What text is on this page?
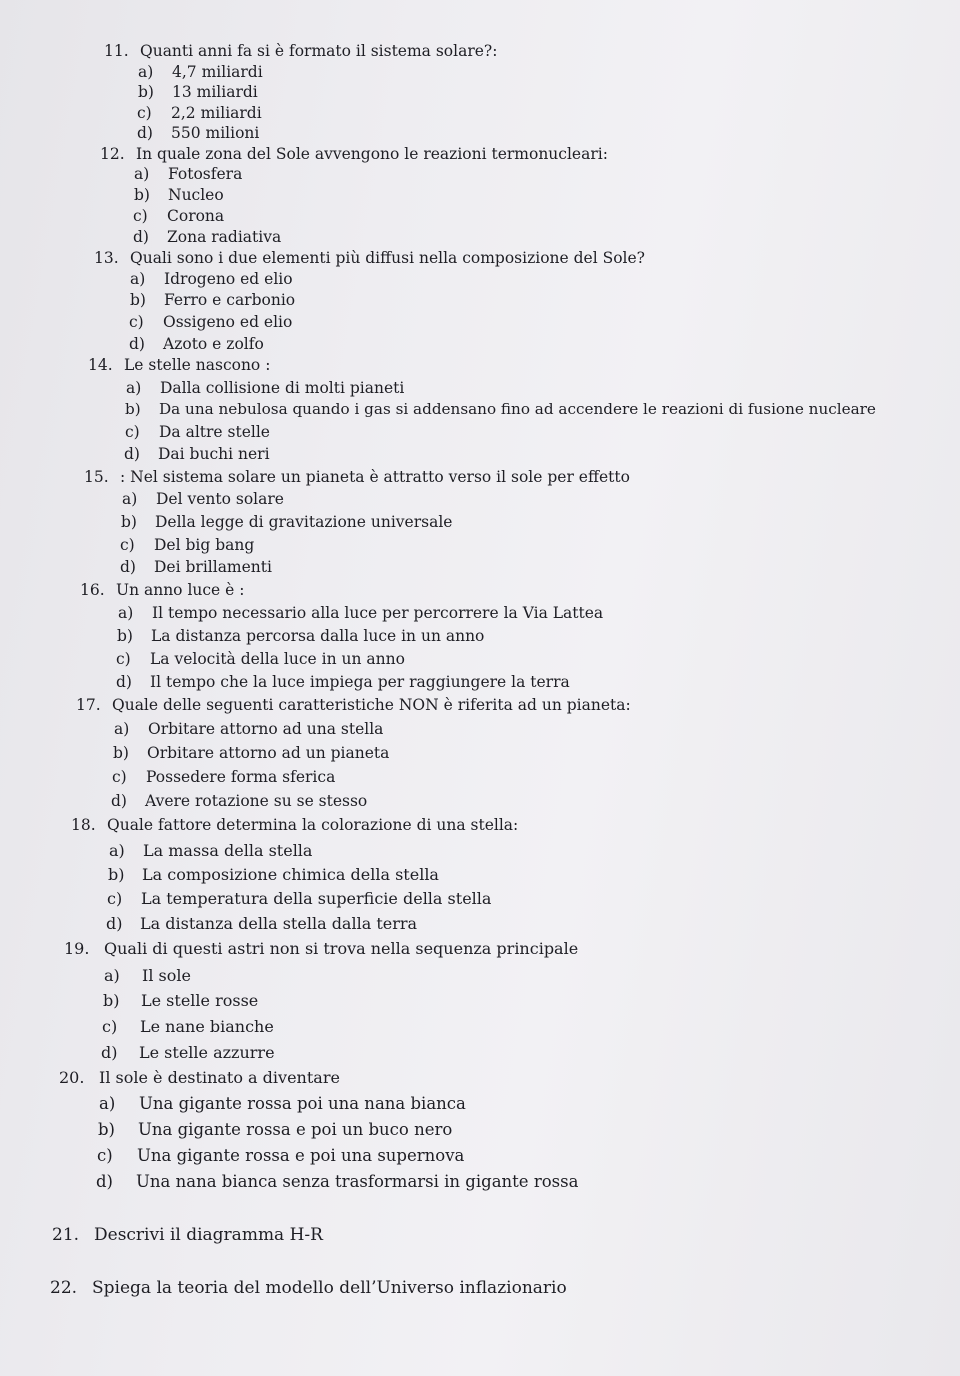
11. Quanti anni fa si è formato il sistema solare?:
a) 4,7 miliardi
b) 13 miliardi
c) 2,2 miliardi
d) 550 milioni
12. In quale zona del Sole avvengono le reazioni termonucleari:
a) Fotosfera
b) Nucleo
c) Corona
d) Zona radiativa
13. Quali sono i due elementi più diffusi nella composizione del Sole?
a) Idrogeno ed elio
b) Ferro e carbonio
c) Ossigeno ed elio
d) Azoto e zolfo
14. Le stelle nascono :
a) Dalla collisione di molti pianeti
b) Da una nebulosa quando i gas si addensano fino ad accendere le reazioni di fusione nucleare
c) Da altre stelle
d) Dai buchi neri
15. : Nel sistema solare un pianeta è attratto verso il sole per effetto
a) Del vento solare
b) Della legge di gravitazione universale
c) Del big bang
d) Dei brillamenti
16. Un anno luce è :
a) Il tempo necessario alla luce per percorrere la Via Lattea
b) La distanza percorsa dalla luce in un anno
c) La velocità della luce in un anno
d) Il tempo che la luce impiega per raggiungere la terra
17. Quale delle seguenti caratteristiche NON è riferita ad un pianeta:
a) Orbitare attorno ad una stella
b) Orbitare attorno ad un pianeta
c) Possedere forma sferica
d) Avere rotazione su se stesso
18. Quale fattore determina la colorazione di una stella:
a) La massa della stella
b) La composizione chimica della stella
c) La temperatura della superficie della stella
d) La distanza della stella dalla terra
19. Quali di questi astri non si trova nella sequenza principale
a) Il sole
b) Le stelle rosse
c) Le nane bianche
d) Le stelle azzurre
20. Il sole è destinato a diventare
a) Una gigante rossa poi una nana bianca
b) Una gigante rossa e poi un buco nero
c) Una gigante rossa e poi una supernova
d) Una nana bianca senza trasformarsi in gigante rossa
21. Descrivi il diagramma H-R
22. Spiega la teoria del modello dell’Universo inflazionario
